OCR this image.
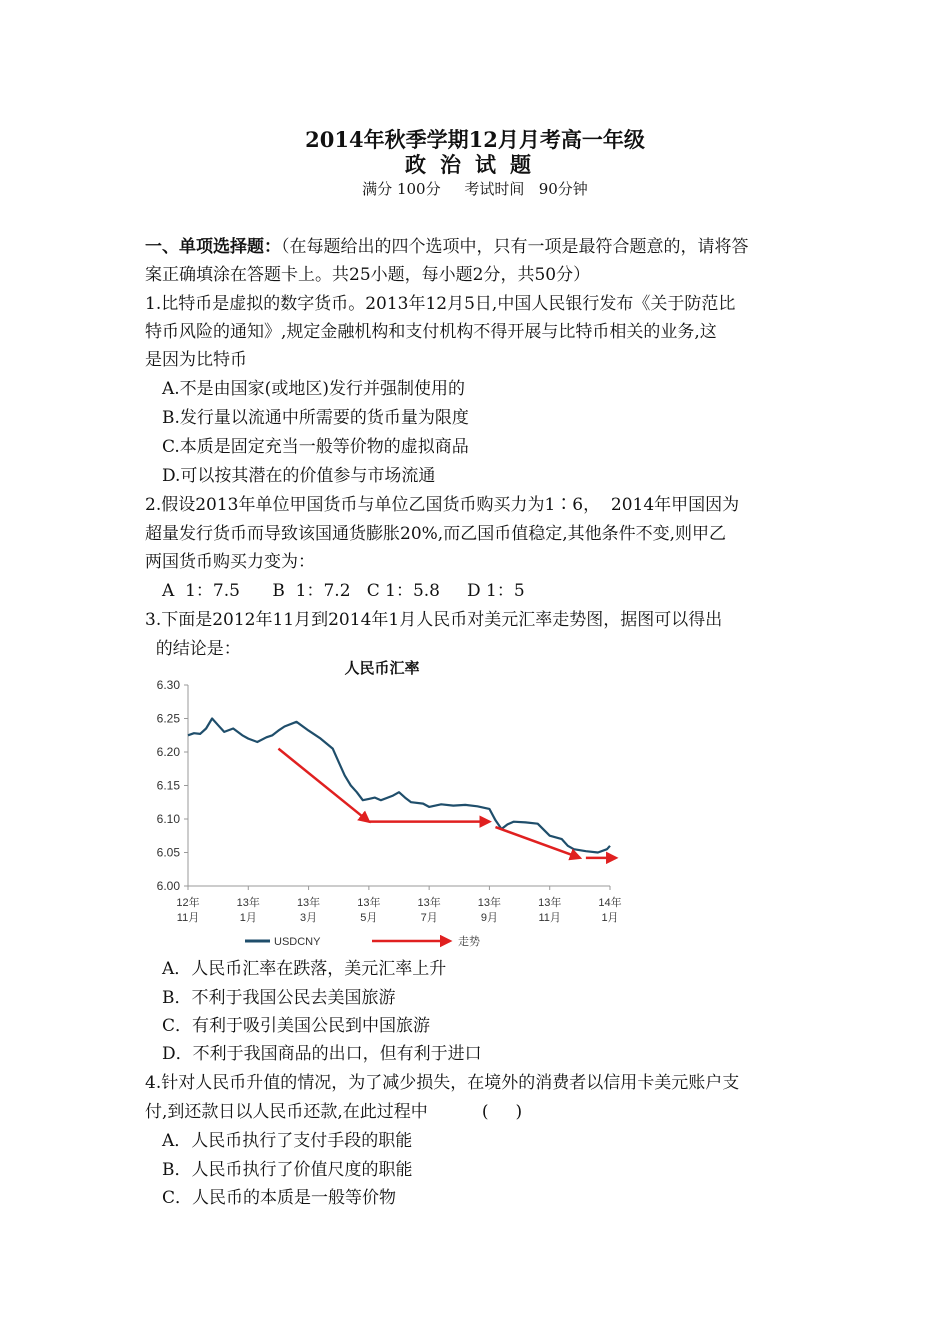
2014年秋季学期12月月考高一年级
政治试题
满分 100分     考试时间   90分钟
一、单项选择题：（在每题给出的四个选项中，只有一项是最符合题意的，请将答
案正确填涂在答题卡上。共25小题，每小题2分，共50分）
1.比特币是虚拟的数字货币。2013年12月5日,中国人民银行发布《关于防范比
特币风险的通知》,规定金融机构和支付机构不得开展与比特币相关的业务,这
是因为比特币
A.不是由国家(或地区)发行并强制使用的
B.发行量以流通中所需要的货币量为限度
C.本质是固定充当一般等价物的虚拟商品
D.可以按其潜在的价值参与市场流通
2.假设2013年单位甲国货币与单位乙国货币购买力为1∶6，  2014年甲国因为
超量发行货币而导致该国通货膨胀20%,而乙国币值稳定,其他条件不变,则甲乙
两国货币购买力变为：
A  1：7.5      B  1：7.2   C 1：5.8     D 1：5
3.下面是2012年11月到2014年1月人民币对美元汇率走势图，据图可以得出
的结论是：
人民币汇率
6.30
6.25
6.20
6.15
6.10
6.05
6.00
12年
11月
13年
1月
13年
3月
13年
5月
13年
7月
13年
9月
13年
11月
14年
1月
USDCNY	走势
A．人民币汇率在跌落，美元汇率上升
B．不利于我国公民去美国旅游
C．有利于吸引美国公民到中国旅游
D．不利于我国商品的出口，但有利于进口
4.针对人民币升值的情况，为了减少损失，在境外的消费者以信用卡美元账户支
付,到还款日以人民币还款,在此过程中          (     )
A．人民币执行了支付手段的职能
B．人民币执行了价值尺度的职能
C．人民币的本质是一般等价物
